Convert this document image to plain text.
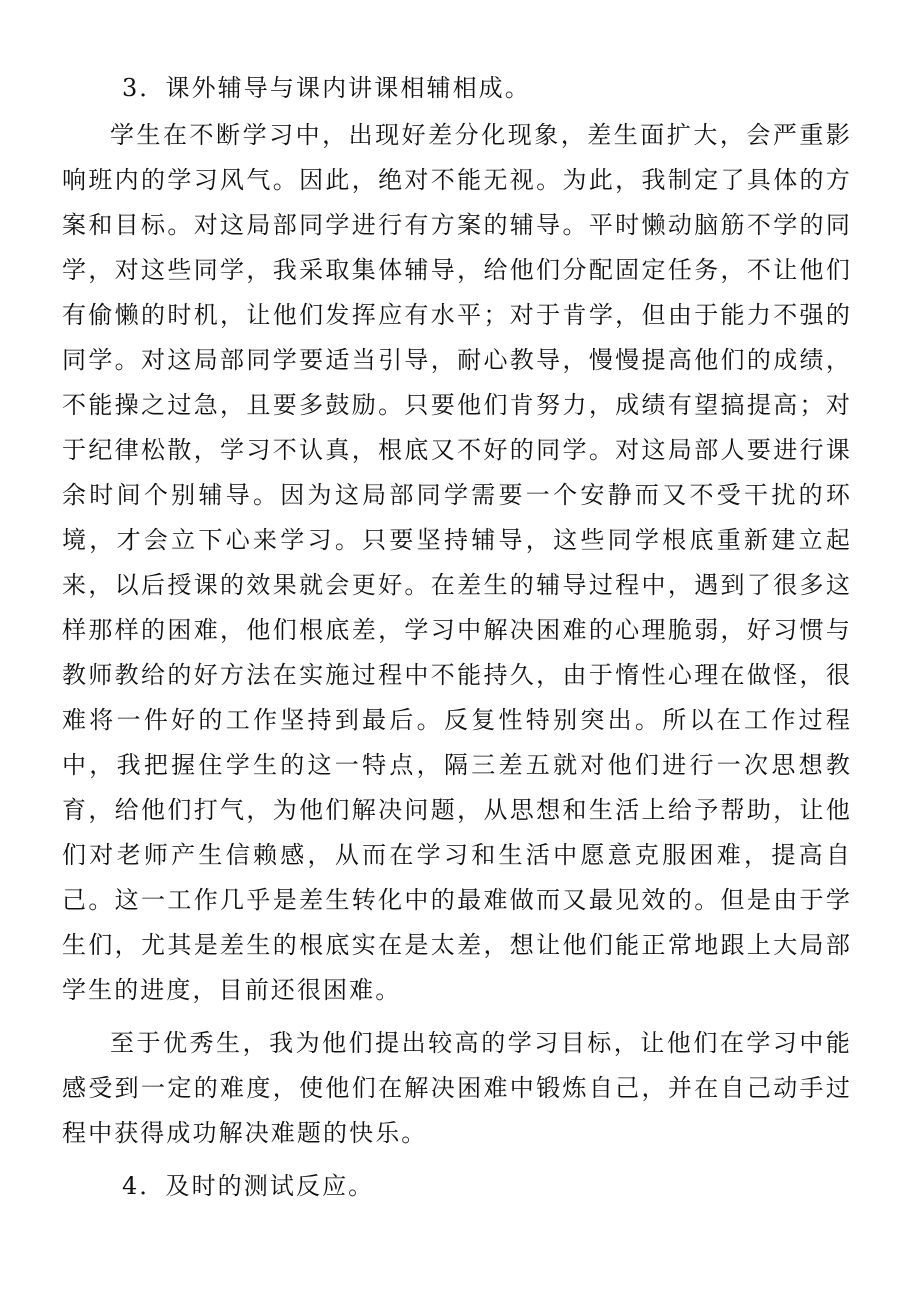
3．课外辅导与课内讲课相辅相成。

学生在不断学习中，出现好差分化现象，差生面扩大，会严重影响班内的学习风气。因此，绝对不能无视。为此，我制定了具体的方案和目标。对这局部同学进行有方案的辅导。平时懒动脑筋不学的同学，对这些同学，我采取集体辅导，给他们分配固定任务，不让他们有偷懒的时机，让他们发挥应有水平；对于肯学，但由于能力不强的同学。对这局部同学要适当引导，耐心教导，慢慢提高他们的成绩，不能操之过急，且要多鼓励。只要他们肯努力，成绩有望搞提高；对于纪律松散，学习不认真，根底又不好的同学。对这局部人要进行课余时间个别辅导。因为这局部同学需要一个安静而又不受干扰的环境，才会立下心来学习。只要坚持辅导，这些同学根底重新建立起来，以后授课的效果就会更好。在差生的辅导过程中，遇到了很多这样那样的困难，他们根底差，学习中解决困难的心理脆弱，好习惯与教师教给的好方法在实施过程中不能持久，由于惰性心理在做怪，很难将一件好的工作坚持到最后。反复性特别突出。所以在工作过程中，我把握住学生的这一特点，隔三差五就对他们进行一次思想教育，给他们打气，为他们解决问题，从思想和生活上给予帮助，让他们对老师产生信赖感，从而在学习和生活中愿意克服困难，提高自己。这一工作几乎是差生转化中的最难做而又最见效的。但是由于学生们，尤其是差生的根底实在是太差，想让他们能正常地跟上大局部学生的进度，目前还很困难。

至于优秀生，我为他们提出较高的学习目标，让他们在学习中能感受到一定的难度，使他们在解决困难中锻炼自己，并在自己动手过程中获得成功解决难题的快乐。

4．及时的测试反应。
